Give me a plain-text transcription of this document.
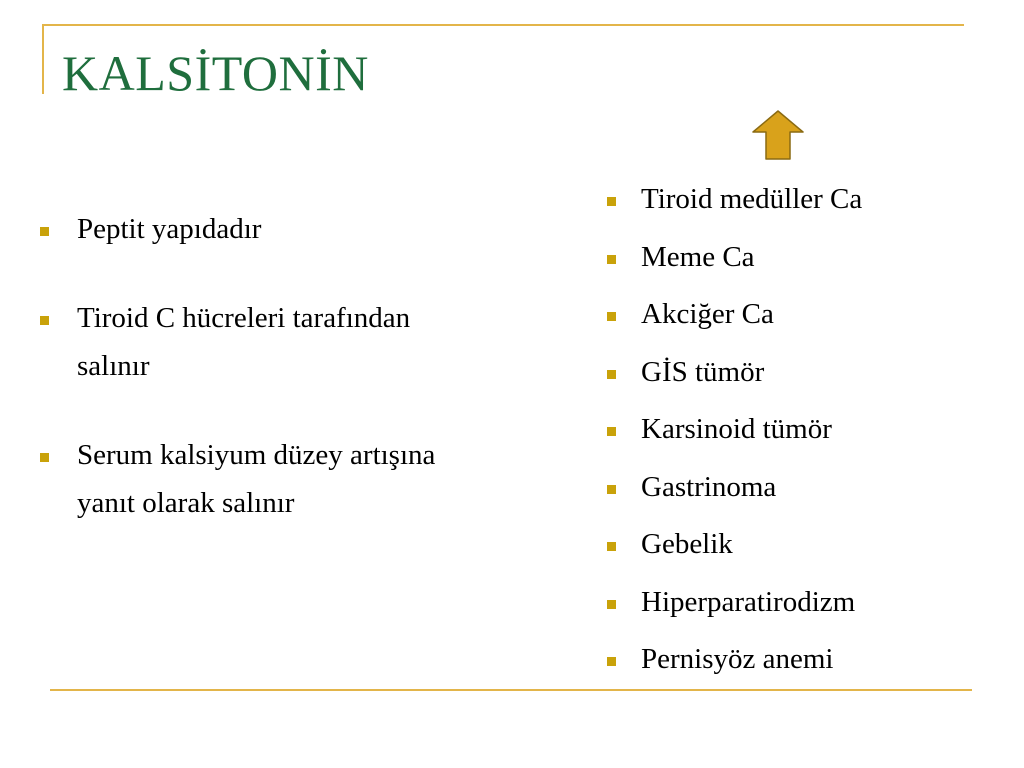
KALSİTONİN
Peptit yapıdadır
Tiroid C hücreleri tarafından
salınır
Serum kalsiyum düzey artışına
yanıt olarak salınır
Tiroid medüller Ca
Meme Ca
Akciğer Ca
GİS tümör
Karsinoid tümör
Gastrinoma
Gebelik
Hiperparatirodizm
Pernisyöz anemi
